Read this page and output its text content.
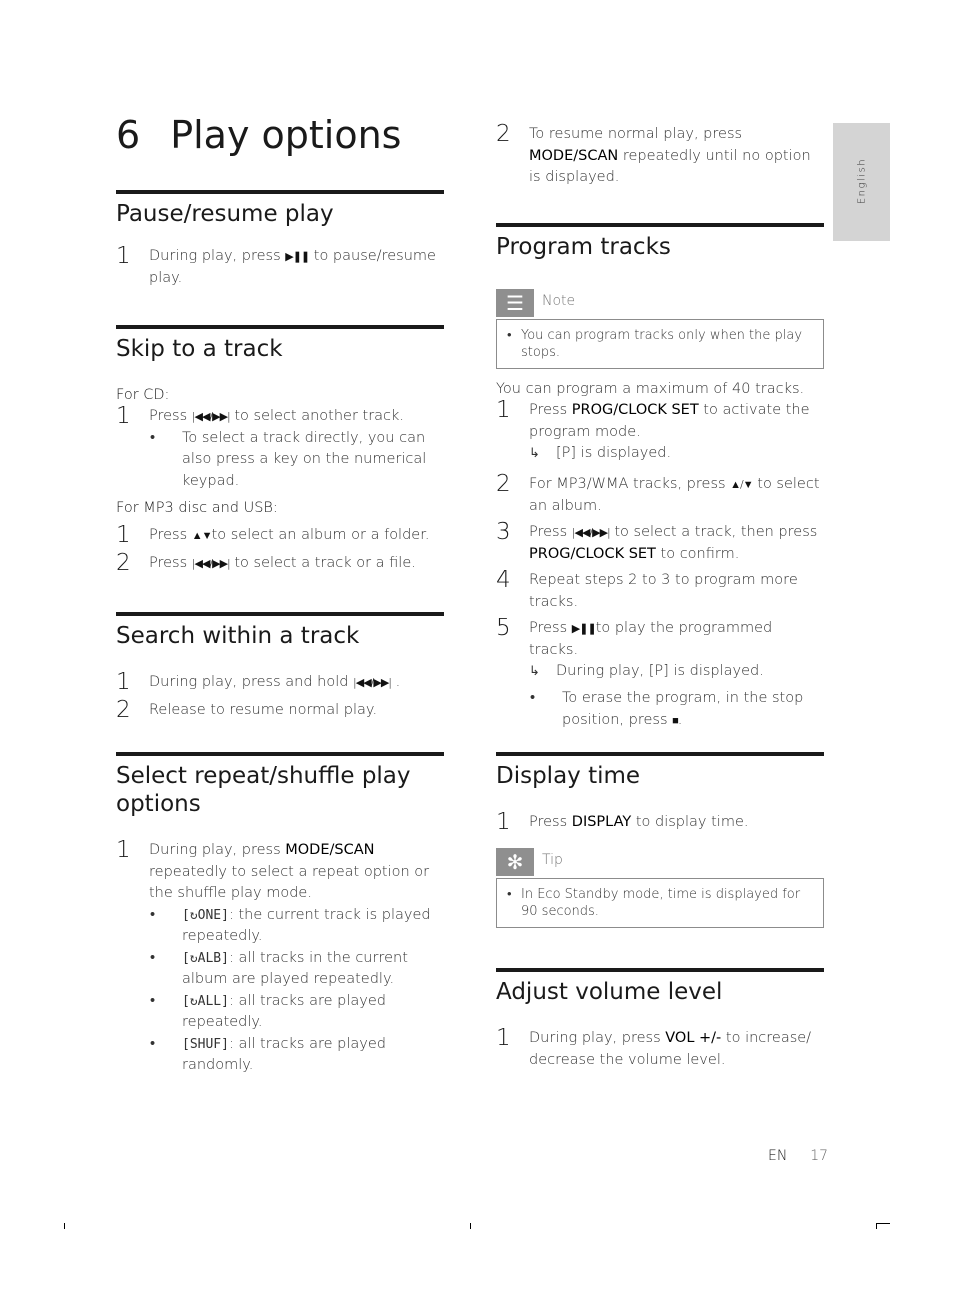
English
6 Play options
Pause/resume play
1 During play, press ▶❚❚ to pause/resume play.
Skip to a track
For CD:
1 Press |◀◀/▶▶| to select another track.
• To select a track directly, you can also press a key on the numerical keypad.
For MP3 disc and USB:
1 Press ▲▼to select an album or a folder.
2 Press |◀◀/▶▶| to select a track or a file.
Search within a track
1 During play, press and hold |◀◀/▶▶| .
2 Release to resume normal play.
Select repeat/shuffle play options
1 During play, press MODE/SCAN repeatedly to select a repeat option or the shuffle play mode.
• [↻ONE]: the current track is played repeatedly.
• [↻ALB]: all tracks in the current album are played repeatedly.
• [↻ALL]: all tracks are played repeatedly.
• [SHUF]: all tracks are played randomly.
2 To resume normal play, press MODE/SCAN repeatedly until no option is displayed.
Program tracks
☰	Note
• You can program tracks only when the play stops.
You can program a maximum of 40 tracks.
1 Press PROG/CLOCK SET to activate the program mode.
↳ [P] is displayed.
2 For MP3/WMA tracks, press ▲/▼ to select an album.
3 Press |◀◀/▶▶| to select a track, then press PROG/CLOCK SET to confirm.
4 Repeat steps 2 to 3 to program more tracks.
5 Press ▶❚❚to play the programmed tracks.
↳ During play, [P] is displayed.
• To erase the program, in the stop position, press ■.
Display time
1 Press DISPLAY to display time.
✻	Tip
• In Eco Standby mode, time is displayed for 90 seconds.
Adjust volume level
1 During play, press VOL +/- to increase/ decrease the volume level.
EN 17
